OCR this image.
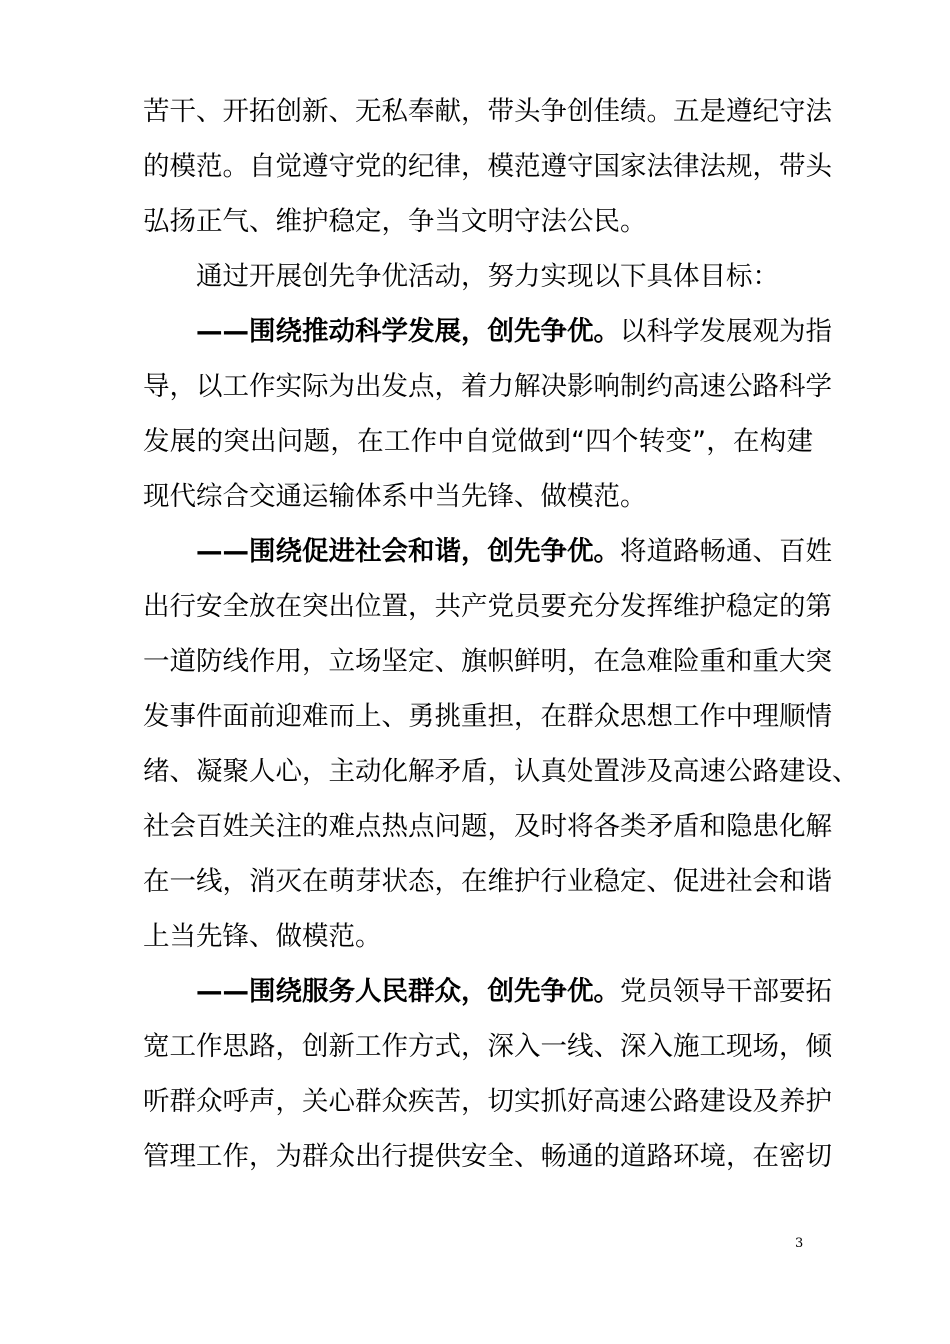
苦干、开拓创新、无私奉献，带头争创佳绩。五是遵纪守法
的模范。自觉遵守党的纪律，模范遵守国家法律法规，带头
弘扬正气、维护稳定，争当文明守法公民。
通过开展创先争优活动，努力实现以下具体目标：
——围绕推动科学发展，创先争优。以科学发展观为指
导，以工作实际为出发点，着力解决影响制约高速公路科学
发展的突出问题，在工作中自觉做到“四个转变”，在构建
现代综合交通运输体系中当先锋、做模范。
——围绕促进社会和谐，创先争优。将道路畅通、百姓
出行安全放在突出位置，共产党员要充分发挥维护稳定的第
一道防线作用，立场坚定、旗帜鲜明，在急难险重和重大突
发事件面前迎难而上、勇挑重担，在群众思想工作中理顺情
绪、凝聚人心，主动化解矛盾，认真处置涉及高速公路建设、
社会百姓关注的难点热点问题，及时将各类矛盾和隐患化解
在一线，消灭在萌芽状态，在维护行业稳定、促进社会和谐
上当先锋、做模范。
——围绕服务人民群众，创先争优。党员领导干部要拓
宽工作思路，创新工作方式，深入一线、深入施工现场，倾
听群众呼声，关心群众疾苦，切实抓好高速公路建设及养护
管理工作，为群众出行提供安全、畅通的道路环境，在密切
3
